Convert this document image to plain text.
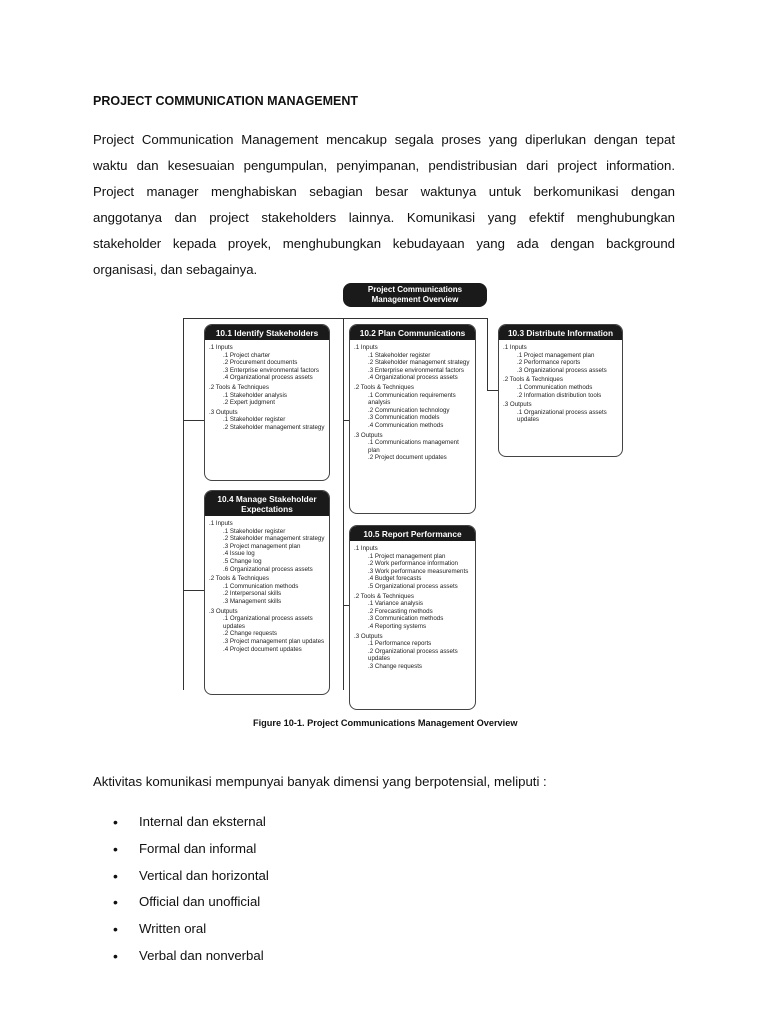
PROJECT COMMUNICATION MANAGEMENT
Project Communication Management mencakup segala proses yang diperlukan dengan tepat waktu dan kesesuaian pengumpulan, penyimpanan, pendistribusian dari project information. Project manager menghabiskan sebagian besar waktunya untuk berkomunikasi dengan anggotanya dan project stakeholders lainnya. Komunikasi yang efektif menghubungkan stakeholder kepada proyek, menghubungkan kebudayaan yang ada dengan background organisasi, dan sebagainya.
Project Communications Management Overview
10.1 Identify Stakeholders
.1 Inputs
.1 Project charter
.2 Procurement documents
.3 Enterprise environmental factors
.4 Organizational process assets
.2 Tools & Techniques
.1 Stakeholder analysis
.2 Expert judgment
.3 Outputs
.1 Stakeholder register
.2 Stakeholder management strategy
10.2 Plan Communications
.1 Inputs
.1 Stakeholder register
.2 Stakeholder management strategy
.3 Enterprise environmental factors
.4 Organizational process assets
.2 Tools & Techniques
.1 Communication requirements analysis
.2 Communication technology
.3 Communication models
.4 Communication methods
.3 Outputs
.1 Communications management plan
.2 Project document updates
10.3 Distribute Information
.1 Inputs
.1 Project management plan
.2 Performance reports
.3 Organizational process assets
.2 Tools & Techniques
.1 Communication methods
.2 Information distribution tools
.3 Outputs
.1 Organizational process assets updates
10.4 Manage Stakeholder Expectations
.1 Inputs
.1 Stakeholder register
.2 Stakeholder management strategy
.3 Project management plan
.4 Issue log
.5 Change log
.6 Organizational process assets
.2 Tools & Techniques
.1 Communication methods
.2 Interpersonal skills
.3 Management skills
.3 Outputs
.1 Organizational process assets updates
.2 Change requests
.3 Project management plan updates
.4 Project document updates
10.5 Report Performance
.1 Inputs
.1 Project management plan
.2 Work performance information
.3 Work performance measurements
.4 Budget forecasts
.5 Organizational process assets
.2 Tools & Techniques
.1 Variance analysis
.2 Forecasting methods
.3 Communication methods
.4 Reporting systems
.3 Outputs
.1 Performance reports
.2 Organizational process assets updates
.3 Change requests
Figure 10-1. Project Communications Management Overview
Aktivitas komunikasi mempunyai banyak dimensi yang berpotensial, meliputi :
• Internal dan eksternal
• Formal dan informal
• Vertical dan horizontal
• Official dan unofficial
• Written oral
• Verbal dan nonverbal
